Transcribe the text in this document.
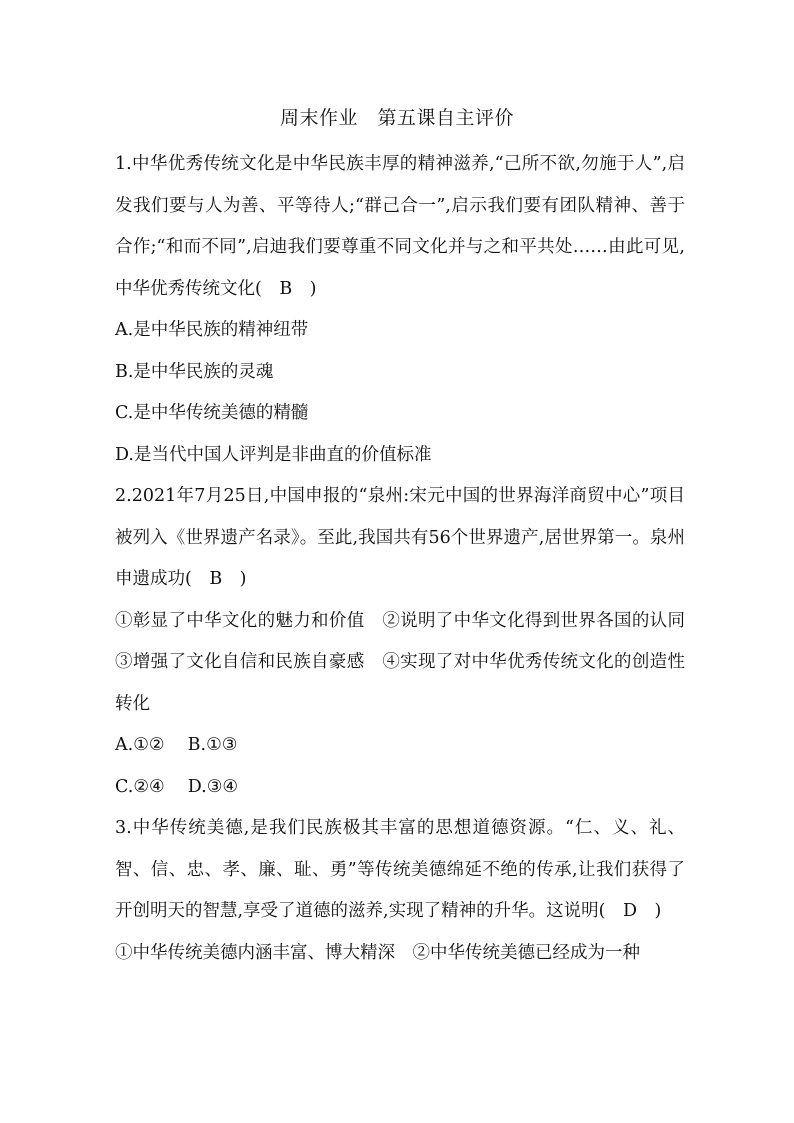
周末作业　第五课自主评价

1.中华优秀传统文化是中华民族丰厚的精神滋养,“己所不欲,勿施于人”,启发我们要与人为善、平等待人;“群己合一”,启示我们要有团队精神、善于合作;“和而不同”,启迪我们要尊重不同文化并与之和平共处……由此可见,中华优秀传统文化(　B　)

A.是中华民族的精神纽带

B.是中华民族的灵魂

C.是中华传统美德的精髓

D.是当代中国人评判是非曲直的价值标准

2.2021年7月25日,中国申报的“泉州:宋元中国的世界海洋商贸中心”项目被列入《世界遗产名录》。至此,我国共有56个世界遗产,居世界第一。泉州申遗成功(　B　)

①彰显了中华文化的魅力和价值　②说明了中华文化得到世界各国的认同　③增强了文化自信和民族自豪感　④实现了对中华优秀传统文化的创造性转化

A.①②　 B.①③

C.②④　 D.③④

3.中华传统美德,是我们民族极其丰富的思想道德资源。“仁、义、礼、智、信、忠、孝、廉、耻、勇”等传统美德绵延不绝的传承,让我们获得了开创明天的智慧,享受了道德的滋养,实现了精神的升华。这说明(　D　)

①中华传统美德内涵丰富、博大精深　②中华传统美德已经成为一种
